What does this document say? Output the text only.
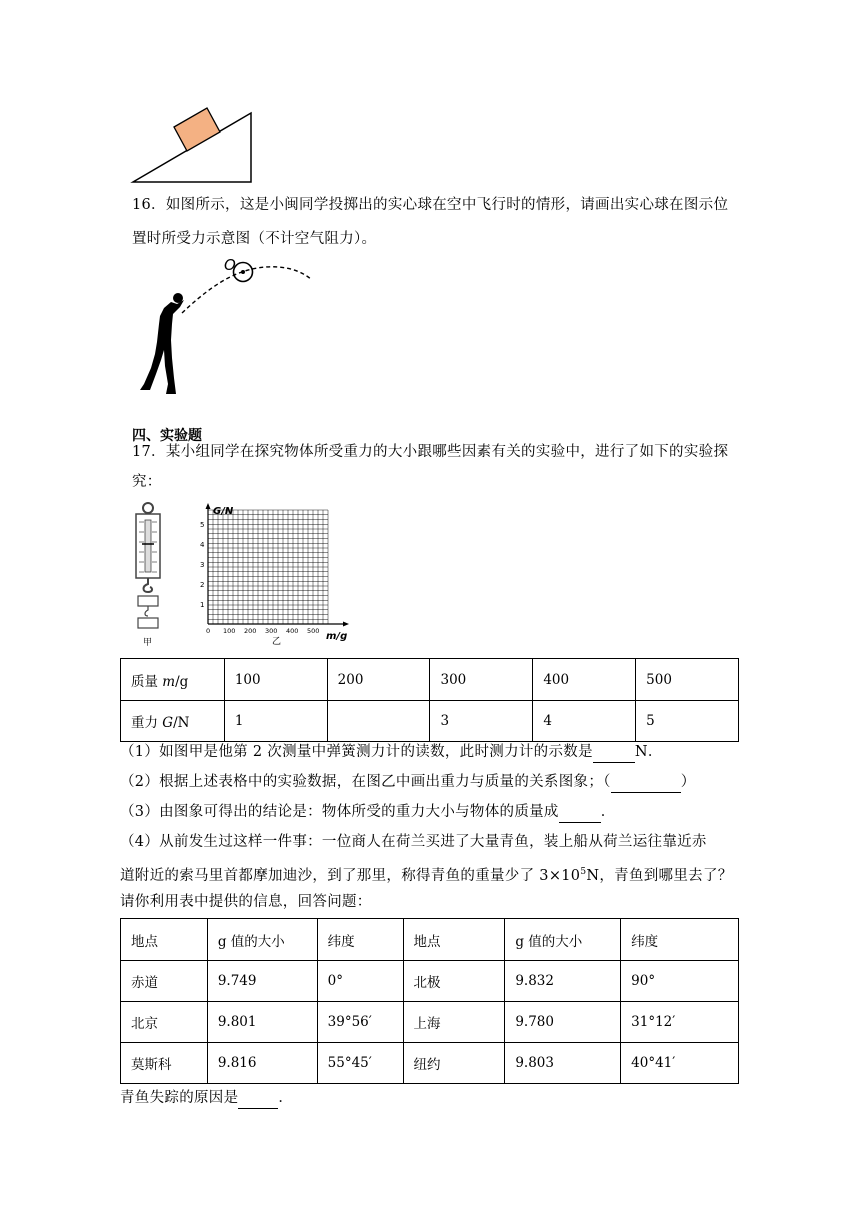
16．如图所示，这是小闽同学投掷出的实心球在空中飞行时的情形，请画出实心球在图示位
置时所受力示意图（不计空气阻力）。
O
四、实验题
17．某小组同学在探究物体所受重力的大小跟哪些因素有关的实验中，进行了如下的实验探
究：
甲
G/N
m/g
1
2
3
4
5
0 100 200 300 400 500
乙
质量 m/g	100	200	300	400	500
重力 G/N	1		3	4	5
（1）如图甲是他第 2 次测量中弹簧测力计的读数，此时测力计的示数是	N．
（2）根据上述表格中的实验数据，在图乙中画出重力与质量的关系图象；（	）
（3）由图象可得出的结论是：物体所受的重力大小与物体的质量成	．
（4）从前发生过这样一件事：一位商人在荷兰买进了大量青鱼，装上船从荷兰运往靠近赤
道附近的索马里首都摩加迪沙，到了那里，称得青鱼的重量少了 $3\times 10^5N$，青鱼到哪里去了？
请你利用表中提供的信息，回答问题：
地点	g 值的大小	纬度	地点	g 值的大小	纬度
赤道	9.749	0°	北极	9.832	90°
北京	9.801	39°56′	上海	9.780	31°12′
莫斯科	9.816	55°45′	纽约	9.803	40°41′
青鱼失踪的原因是	．
